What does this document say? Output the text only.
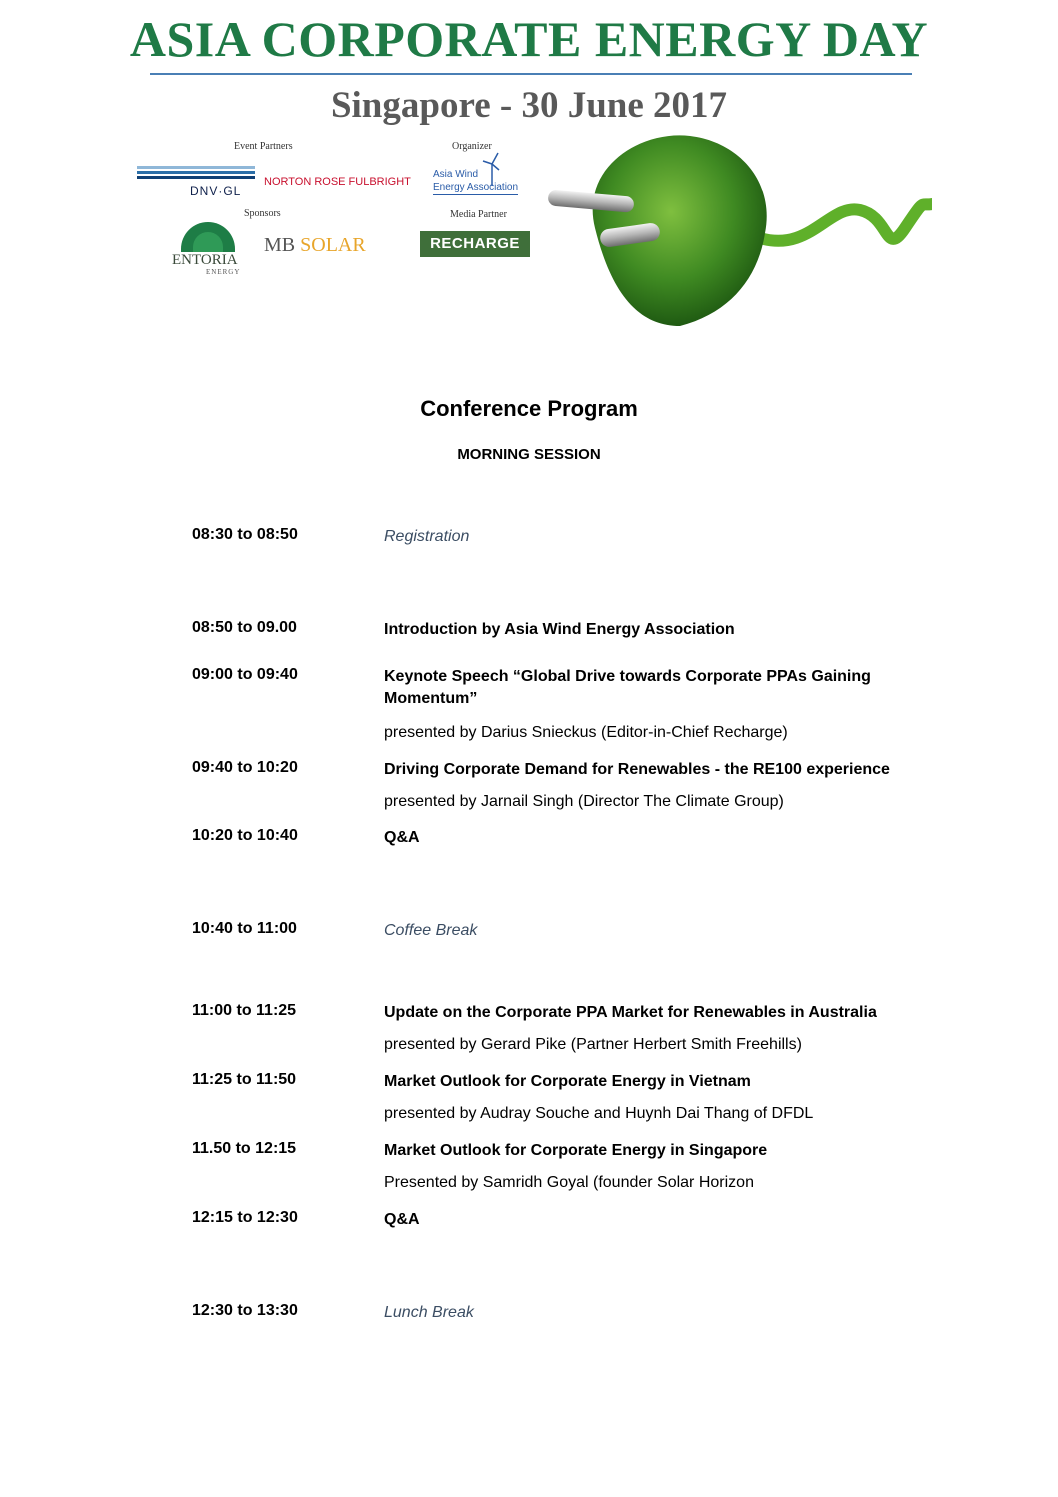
ASIA CORPORATE ENERGY DAY
Singapore - 30 June 2017
Event Partners	Organizer
Sponsors	Media Partner
DNV·GL
NORTON ROSE FULBRIGHT
Asia Wind
Energy Association
ENTORIA
ENERGY
MB SOLAR	RECHARGE
Conference Program
MORNING SESSION
08:30 to 08:50	Registration
08:50 to 09.00	Introduction by Asia Wind Energy Association
09:00 to 09:40	Keynote Speech “Global Drive towards Corporate PPAs Gaining Momentum”
presented by Darius Snieckus (Editor-in-Chief Recharge)
09:40 to 10:20	Driving Corporate Demand for Renewables - the RE100 experience
presented by Jarnail Singh (Director The Climate Group)
10:20 to 10:40	Q&A
10:40 to 11:00	Coffee Break
11:00 to 11:25	Update on the Corporate PPA Market for Renewables in Australia
presented by Gerard Pike (Partner Herbert Smith Freehills)
11:25 to 11:50	Market Outlook for Corporate Energy in Vietnam
presented by Audray Souche and Huynh Dai Thang of DFDL
11.50 to 12:15	Market Outlook for Corporate Energy in Singapore
Presented by Samridh Goyal (founder Solar Horizon
12:15 to 12:30	Q&A
12:30 to 13:30	Lunch Break
